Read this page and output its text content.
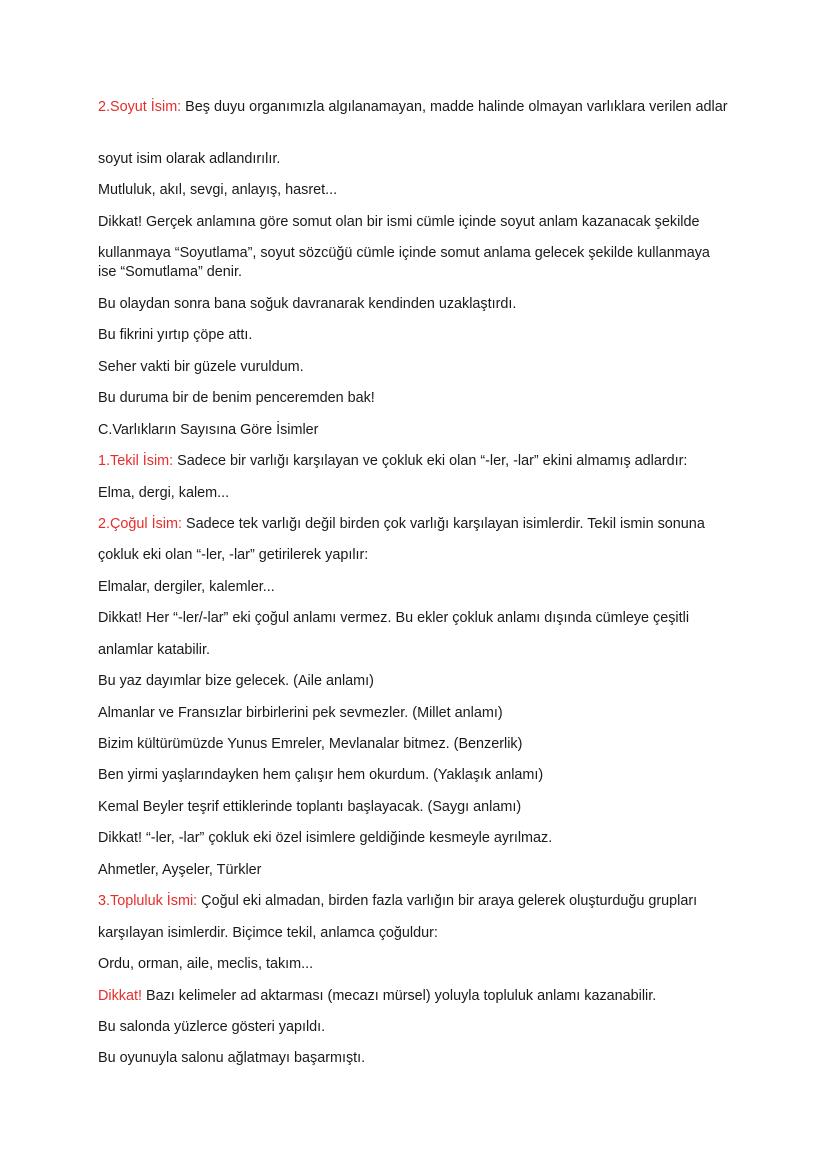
2.Soyut İsim: Beş duyu organımızla algılanamayan, madde halinde olmayan varlıklara verilen adlar

soyut isim olarak adlandırılır.

Mutluluk, akıl, sevgi, anlayış, hasret...

Dikkat! Gerçek anlamına göre somut olan bir ismi cümle içinde soyut anlam kazanacak şekilde

kullanmaya “Soyutlama”, soyut sözcüğü cümle içinde somut anlama gelecek şekilde kullanmaya ise “Somutlama” denir.

Bu olaydan sonra bana soğuk davranarak kendinden uzaklaştırdı.

Bu fikrini yırtıp çöpe attı.

Seher vakti bir güzele vuruldum.

Bu duruma bir de benim penceremden bak!

C.Varlıkların Sayısına Göre İsimler

1.Tekil İsim: Sadece bir varlığı karşılayan ve çokluk eki olan “-ler, -lar” ekini almamış adlardır:

Elma, dergi, kalem...

2.Çoğul İsim: Sadece tek varlığı değil birden çok varlığı karşılayan isimlerdir. Tekil ismin sonuna

çokluk eki olan “-ler, -lar” getirilerek yapılır:

Elmalar, dergiler, kalemler...

Dikkat! Her “-ler/-lar” eki çoğul anlamı vermez. Bu ekler çokluk anlamı dışında cümleye çeşitli

anlamlar katabilir.

Bu yaz dayımlar bize gelecek. (Aile anlamı)

Almanlar ve Fransızlar birbirlerini pek sevmezler. (Millet anlamı)

Bizim kültürümüzde Yunus Emreler, Mevlanalar bitmez. (Benzerlik)

Ben yirmi yaşlarındayken hem çalışır hem okurdum. (Yaklaşık anlamı)

Kemal Beyler teşrif ettiklerinde toplantı başlayacak. (Saygı anlamı)

Dikkat! “-ler, -lar” çokluk eki özel isimlere geldiğinde kesmeyle ayrılmaz.

Ahmetler, Ayşeler, Türkler

3.Topluluk İsmi: Çoğul eki almadan, birden fazla varlığın bir araya gelerek oluşturduğu grupları

karşılayan isimlerdir. Biçimce tekil, anlamca çoğuldur:

Ordu, orman, aile, meclis, takım...

Dikkat! Bazı kelimeler ad aktarması (mecazı mürsel) yoluyla topluluk anlamı kazanabilir.

Bu salonda yüzlerce gösteri yapıldı.

Bu oyunuyla salonu ağlatmayı başarmıştı.
